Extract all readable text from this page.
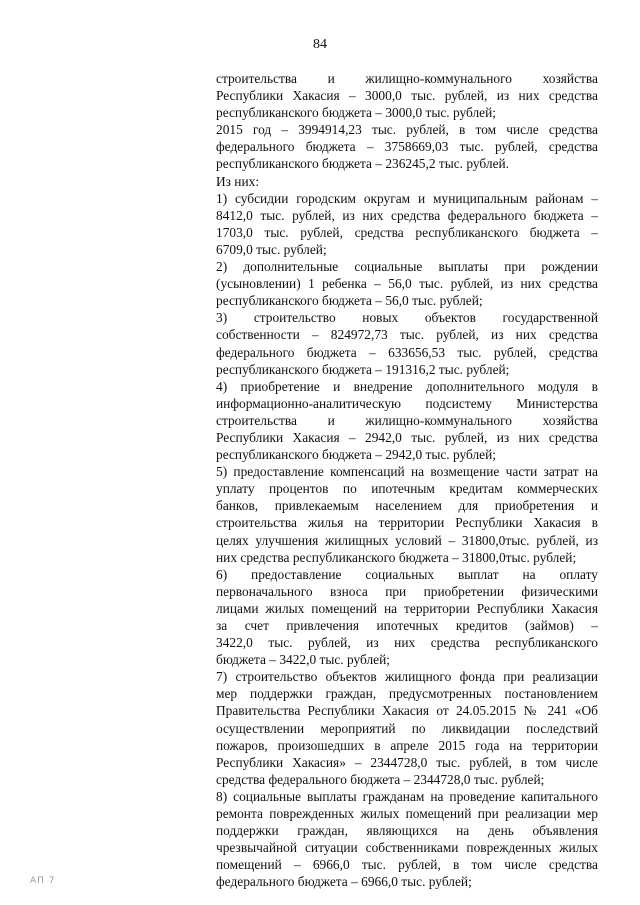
84
строительства и жилищно-коммунального хозяйства
Республики Хакасия – 3000,0 тыс. рублей, из них средства
республиканского бюджета – 3000,0 тыс. рублей;
2015 год – 3994914,23 тыс. рублей, в том числе средства
федерального бюджета – 3758669,03 тыс. рублей, средства
республиканского бюджета – 236245,2 тыс. рублей.
Из них:
1) субсидии городским округам и муниципальным районам –
8412,0 тыс. рублей, из них средства федерального бюджета –
1703,0 тыс. рублей, средства республиканского бюджета –
6709,0 тыс. рублей;
2) дополнительные социальные выплаты при рождении
(усыновлении) 1 ребенка – 56,0 тыс. рублей, из них средства
республиканского бюджета – 56,0 тыс. рублей;
3) строительство новых объектов государственной
собственности – 824972,73 тыс. рублей, из них средства
федерального бюджета – 633656,53 тыс. рублей, средства
республиканского бюджета – 191316,2 тыс. рублей;
4) приобретение и внедрение дополнительного модуля в
информационно-аналитическую подсистему Министерства
строительства и жилищно-коммунального хозяйства
Республики Хакасия – 2942,0 тыс. рублей, из них средства
республиканского бюджета – 2942,0 тыс. рублей;
5) предоставление компенсаций на возмещение части затрат на
уплату процентов по ипотечным кредитам коммерческих
банков, привлекаемым населением для приобретения и
строительства жилья на территории Республики Хакасия в
целях улучшения жилищных условий – 31800,0тыс. рублей, из
них средства республиканского бюджета – 31800,0тыс. рублей;
6) предоставление социальных выплат на оплату
первоначального взноса при приобретении физическими
лицами жилых помещений на территории Республики Хакасия
за счет привлечения ипотечных кредитов (займов) –
3422,0 тыс. рублей, из них средства республиканского
бюджета – 3422,0 тыс. рублей;
7) строительство объектов жилищного фонда при реализации
мер поддержки граждан, предусмотренных постановлением
Правительства Республики Хакасия от 24.05.2015 № 241 «Об
осуществлении мероприятий по ликвидации последствий
пожаров, произошедших в апреле 2015 года на территории
Республики Хакасия» – 2344728,0 тыс. рублей, в том числе
средства федерального бюджета – 2344728,0 тыс. рублей;
8) социальные выплаты гражданам на проведение капитального
ремонта поврежденных жилых помещений при реализации мер
поддержки граждан, являющихся на день объявления
чрезвычайной ситуации собственниками поврежденных жилых
помещений – 6966,0 тыс. рублей, в том числе средства
федерального бюджета – 6966,0 тыс. рублей;
АП 7
